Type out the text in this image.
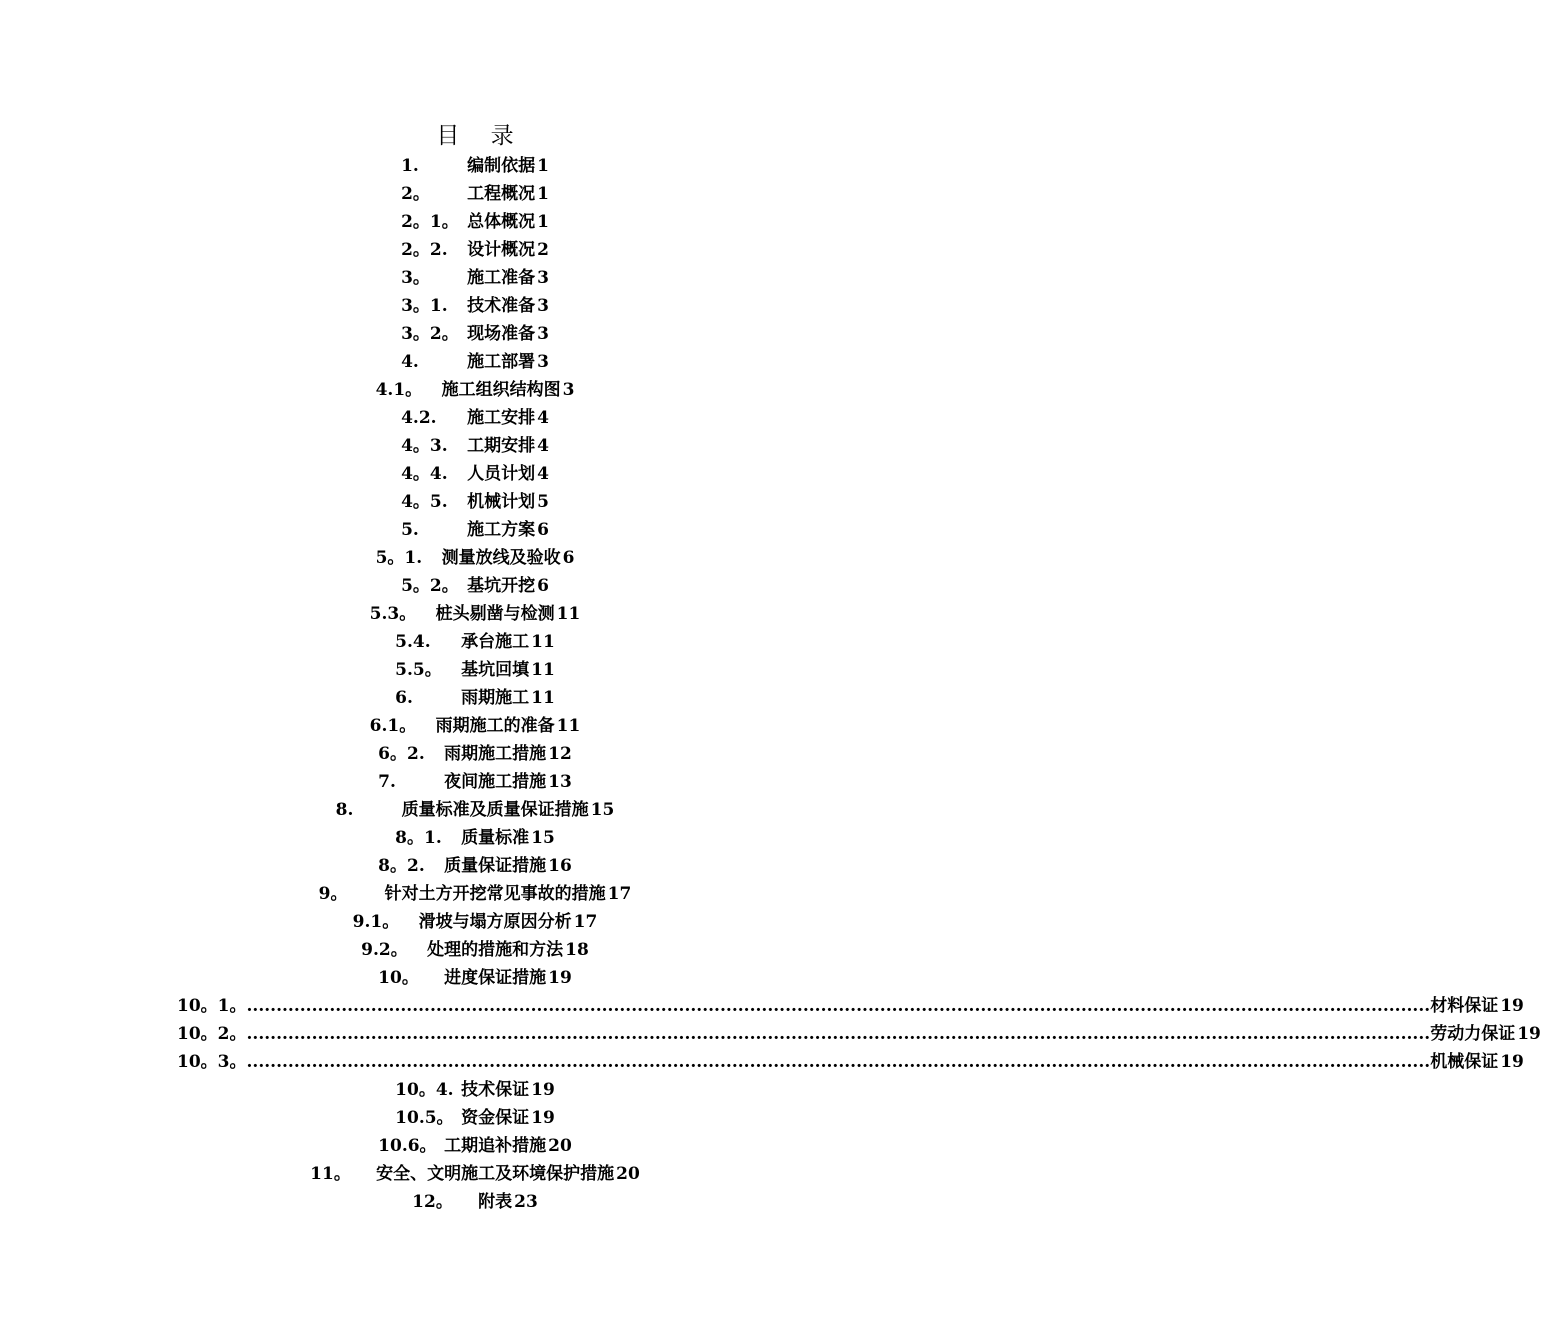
目 录
1.	编制依据 1
2。 工程概况 1
2。1。 总体概况 1
2。2. 设计概况 2
3。 施工准备 3
3。1. 技术准备 3
3。2。 现场准备 3
4.	施工部署 3
4.1。 施工组织结构图 3
4.2. 施工安排 4
4。3. 工期安排 4
4。4. 人员计划 4
4。5. 机械计划 5
5.	施工方案 6
5。1. 测量放线及验收 6
5。2。 基坑开挖 6
5.3。 桩头剔凿与检测 11
5.4. 承台施工 11
5.5。 基坑回填 11
6.	雨期施工 11
6.1。 雨期施工的准备 11
6。2. 雨期施工措施 12
7.	夜间施工措施 13
8.	质量标准及质量保证措施 15
8。1. 质量标准 15
8。2. 质量保证措施 16
9。 针对土方开挖常见事故的措施 17
9.1。 滑坡与塌方原因分析 17
9.2。 处理的措施和方法 18
10。 进度保证措施 19
10。1。 ........................................................................................................................................................................................................ 材料保证 19
10。2。 ........................................................................................................................................................................................................ 劳动力保证 19
10。3。 ........................................................................................................................................................................................................ 机械保证 19
10。4. 技术保证 19
10.5。 资金保证 19
10.6。 工期追补措施 20
11。 安全、文明施工及环境保护措施 20
12。 附表 23
